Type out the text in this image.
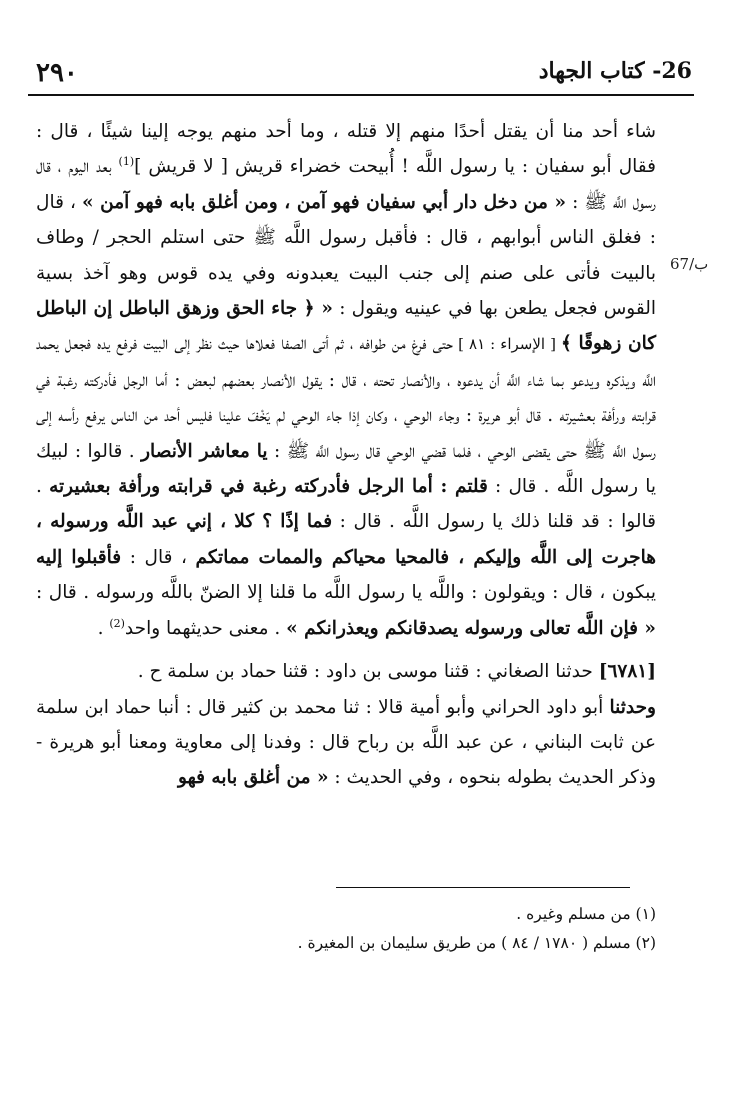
٢٩٠	26- كتاب الجهاد
67/ب

شاء أحد منا أن يقتل أحدًا منهم إلا قتله ، وما أحد منهم يوجه إلينا شيئًا ، قال : فقال أبو سفيان : يا رسول اللَّه ! أُبيحت خضراء قريش [ لا قريش ]$^{(1)}$ بعد اليوم ، قال رسول اللَّه ﷺ : « من دخل دار أبي سفيان فهو آمن ، ومن أغلق بابه فهو آمن » ، قال : فغلق الناس أبوابهم ، قال : فأقبل رسول اللَّه ﷺ حتى استلم الحجر / وطاف بالبيت فأتى على صنم إلى جنب البيت يعبدونه وفي يده قوس وهو آخذ بسية القوس فجعل يطعن بها في عينيه ويقول : « ﴿ جاء الحق وزهق الباطل إن الباطل كان زهوقًا ﴾ [ الإسراء : ٨١ ] حتى فرغ من طوافه ، ثم أتى الصفا فعلاها حيث نظر إلى البيت فرفع يده فجعل يحمد اللَّه ويذكره ويدعو بما شاء اللَّه أن يدعوه ، والأنصار تحته ، قال : يقول الأنصار بعضهم لبعض : أما الرجل فأدركته رغبة في قرابته ورأفة بعشيرته . قال أبو هريرة : وجاء الوحي ، وكان إذا جاء الوحي لم يَخْفَ علينا فليس أحد من الناس يرفع رأسه إلى رسول اللَّه ﷺ حتى يقضى الوحي ، فلما قضي الوحي قال رسول اللَّه ﷺ : يا معاشر الأنصار . قالوا : لبيك يا رسول اللَّه . قال : قلتم : أما الرجل فأدركته رغبة في قرابته ورأفة بعشيرته . قالوا : قد قلنا ذلك يا رسول اللَّه . قال : فما إذًا ؟ كلا ، إني عبد اللَّه ورسوله ، هاجرت إلى اللَّه وإليكم ، فالمحيا محياكم والممات مماتكم ، قال : فأقبلوا إليه يبكون ، قال : ويقولون : واللَّه يا رسول اللَّه ما قلنا إلا الضنّ باللَّه ورسوله . قال : « فإن اللَّه تعالى ورسوله يصدقانكم ويعذرانكم » . معنى حديثهما واحد$^{(2)}$ .

[٦٧٨١] حدثنا الصغاني : قثنا موسى بن داود : قثنا حماد بن سلمة ح .

وحدثنا أبو داود الحراني وأبو أمية قالا : ثنا محمد بن كثير قال : أنبا حماد ابن سلمة عن ثابت البناني ، عن عبد اللَّه بن رباح قال : وفدنا إلى معاوية ومعنا أبو هريرة - وذكر الحديث بطوله بنحوه ، وفي الحديث : « من أغلق بابه فهو

(١) من مسلم وغيره .

(٢) مسلم ( ١٧٨٠ / ٨٤ ) من طريق سليمان بن المغيرة .
